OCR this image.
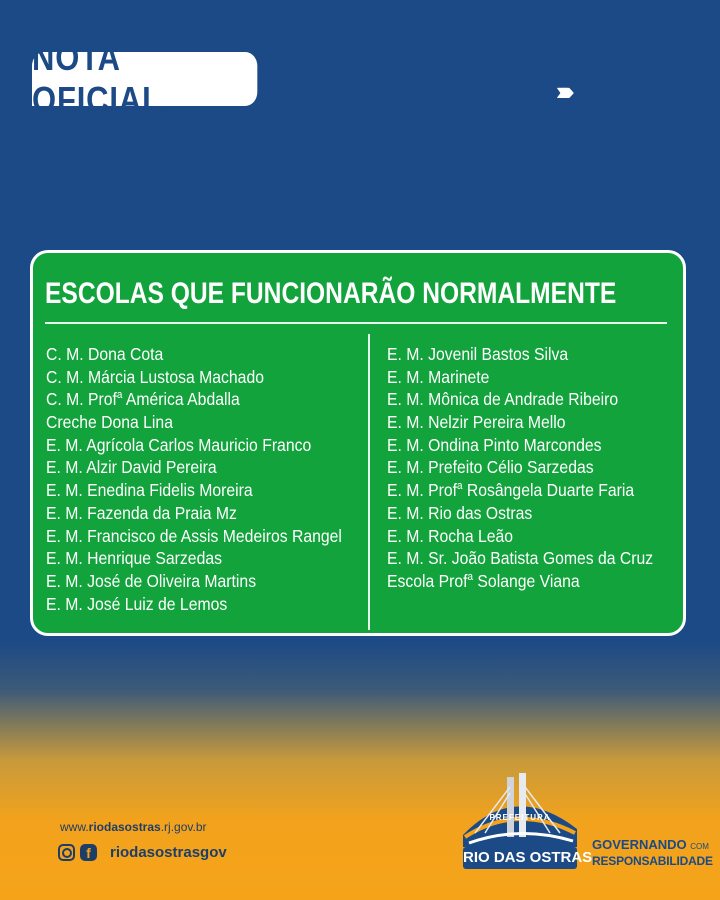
NOTA OFICIAL	›››››››
ESCOLAS QUE FUNCIONARÃO NORMALMENTE
C. M. Dona Cota
C. M. Márcia Lustosa Machado
C. M. Prof$^a$ América Abdalla
Creche Dona Lina
E. M. Agrícola Carlos Mauricio Franco
E. M. Alzir David Pereira
E. M. Enedina Fidelis Moreira
E. M. Fazenda da Praia Mz
E. M. Francisco de Assis Medeiros Rangel
E. M. Henrique Sarzedas
E. M. José de Oliveira Martins
E. M. José Luiz de Lemos
E. M. Jovenil Bastos Silva
E. M. Marinete
E. M. Mônica de Andrade Ribeiro
E. M. Nelzir Pereira Mello
E. M. Ondina Pinto Marcondes
E. M. Prefeito Célio Sarzedas
E. M. Prof$^a$ Rosângela Duarte Faria
E. M. Rio das Ostras
E. M. Rocha Leão
E. M. Sr. João Batista Gomes da Cruz
Escola Prof$^a$ Solange Viana
www.riodasostras.rj.gov.br
f	riodasostrasgov
PREFEITURA
RIO DAS OSTRAS
GOVERNANDO COM
RESPONSABILIDADE
